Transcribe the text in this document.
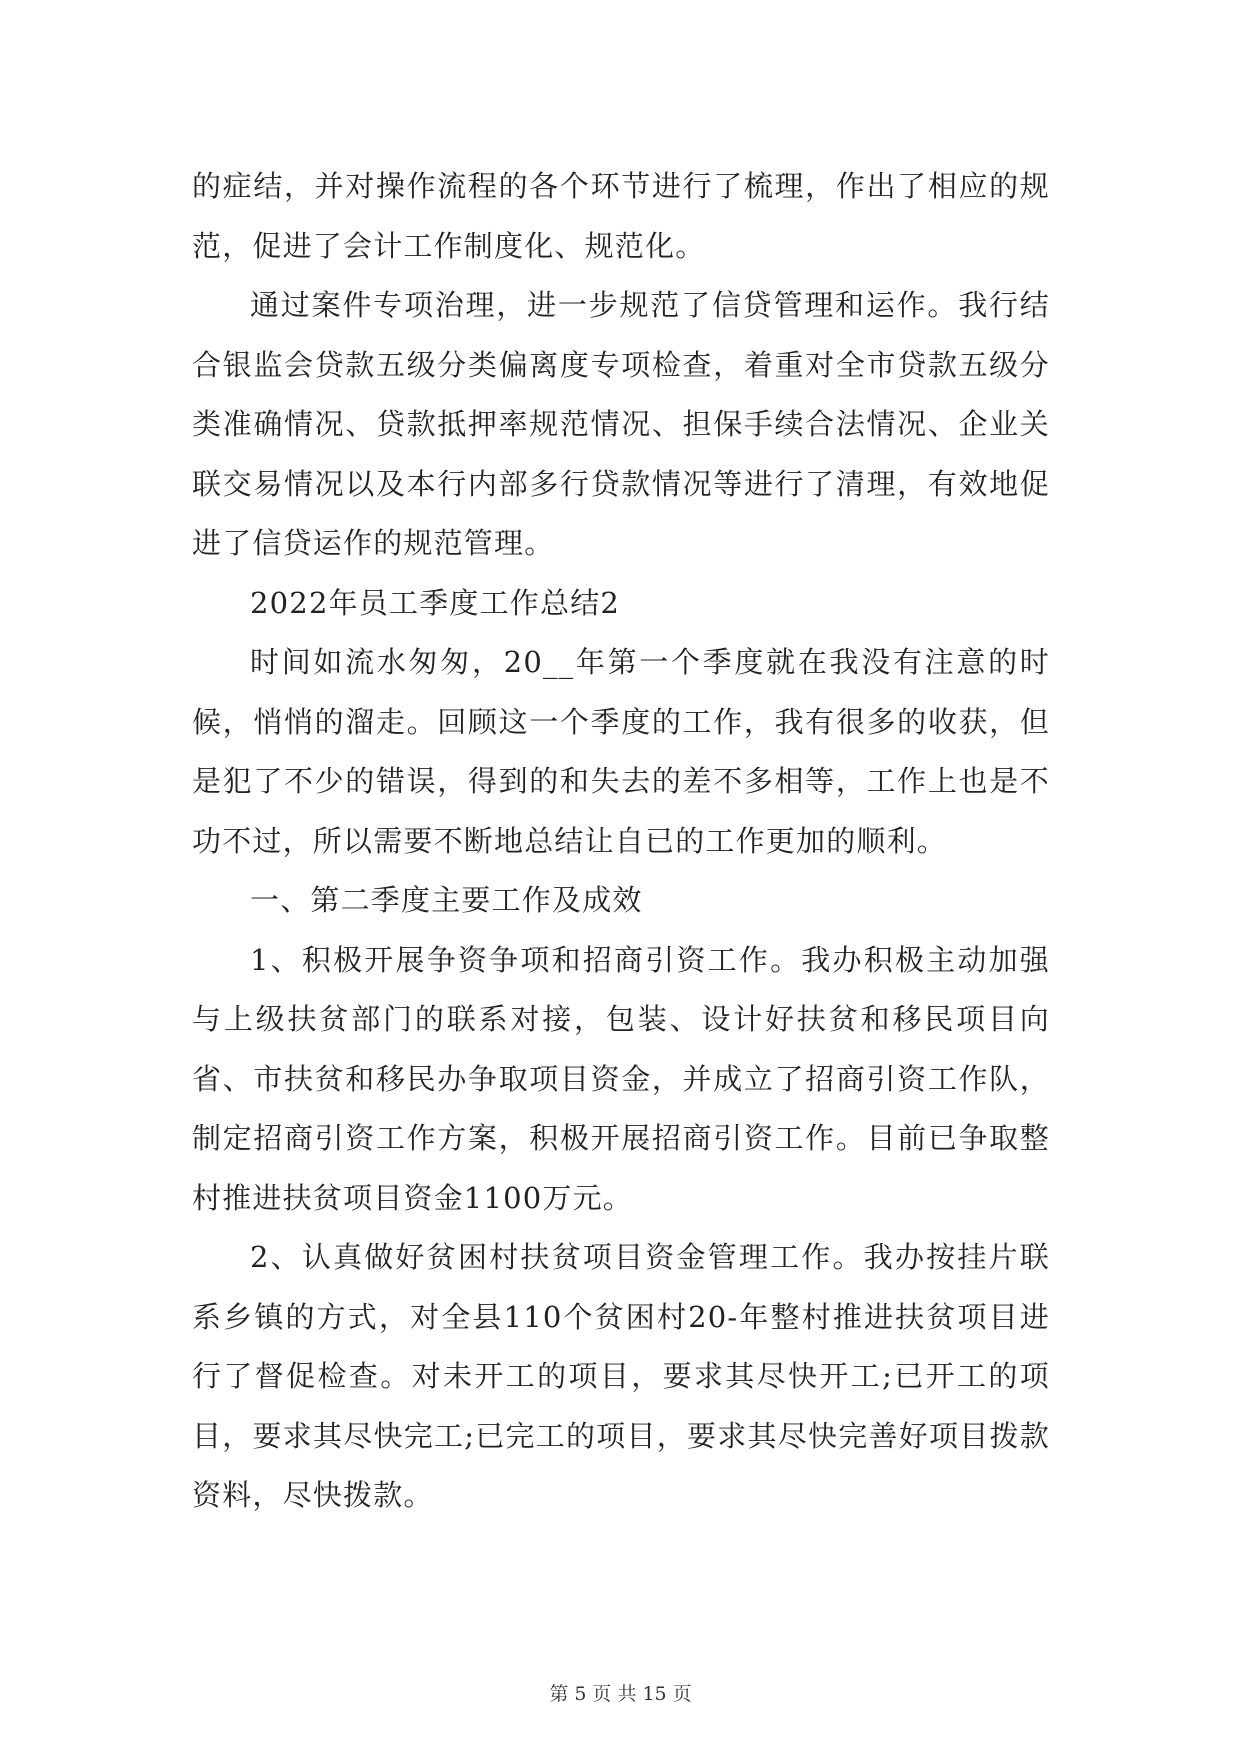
的症结，并对操作流程的各个环节进行了梳理，作出了相应的规范，促进了会计工作制度化、规范化。

通过案件专项治理，进一步规范了信贷管理和运作。我行结合银监会贷款五级分类偏离度专项检查，着重对全市贷款五级分类准确情况、贷款抵押率规范情况、担保手续合法情况、企业关联交易情况以及本行内部多行贷款情况等进行了清理，有效地促进了信贷运作的规范管理。

2022年员工季度工作总结2

时间如流水匆匆，20__年第一个季度就在我没有注意的时候，悄悄的溜走。回顾这一个季度的工作，我有很多的收获，但是犯了不少的错误，得到的和失去的差不多相等，工作上也是不功不过，所以需要不断地总结让自已的工作更加的顺利。

一、第二季度主要工作及成效

1、积极开展争资争项和招商引资工作。我办积极主动加强与上级扶贫部门的联系对接，包装、设计好扶贫和移民项目向省、市扶贫和移民办争取项目资金，并成立了招商引资工作队，制定招商引资工作方案，积极开展招商引资工作。目前已争取整村推进扶贫项目资金1100万元。

2、认真做好贫困村扶贫项目资金管理工作。我办按挂片联系乡镇的方式，对全县110个贫困村20-年整村推进扶贫项目进行了督促检查。对未开工的项目，要求其尽快开工;已开工的项目，要求其尽快完工;已完工的项目，要求其尽快完善好项目拨款资料，尽快拨款。

第 5 页 共 15 页
